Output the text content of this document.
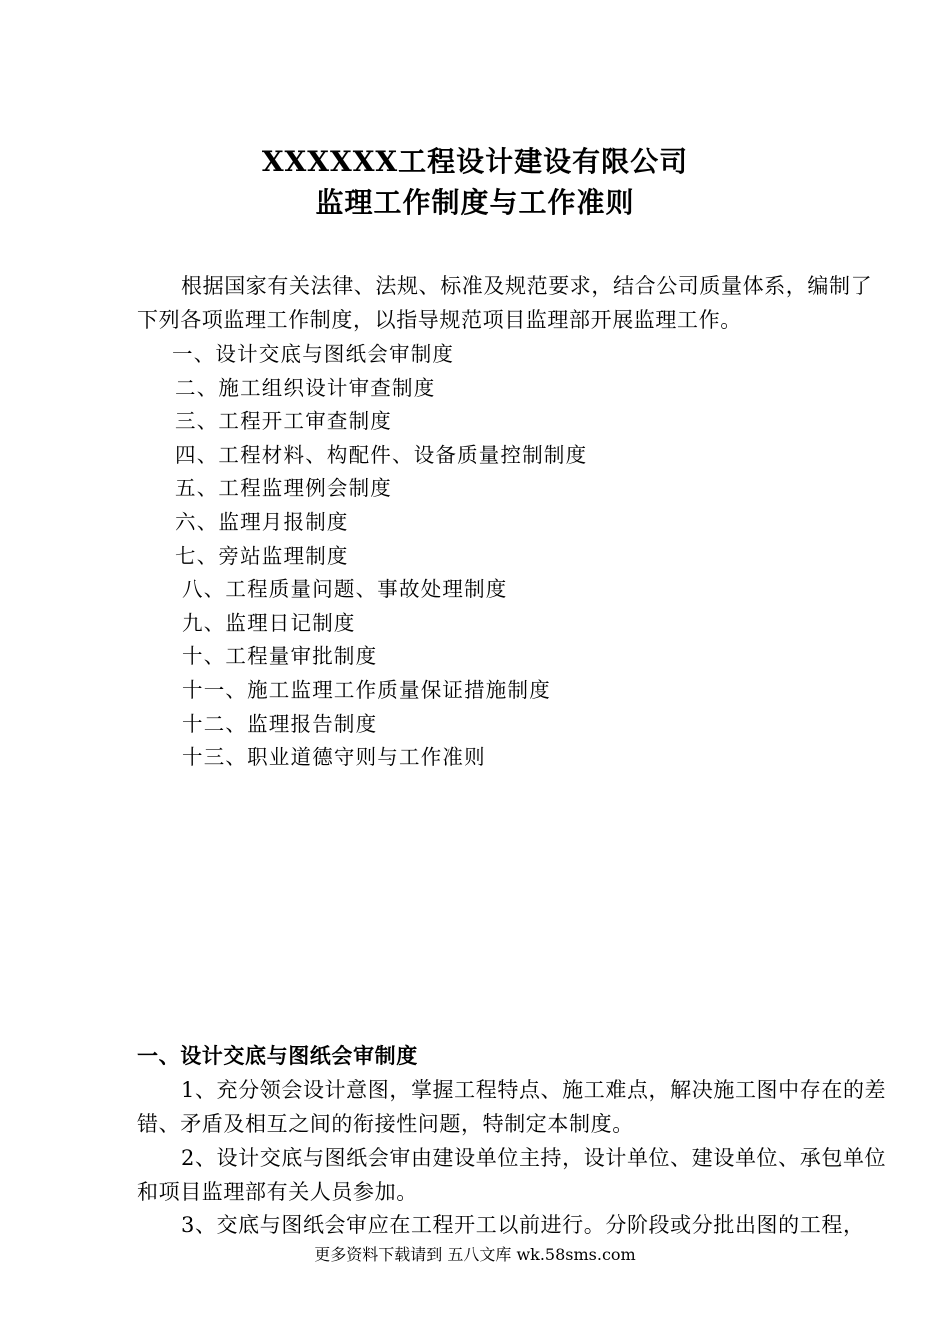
XXXXXX工程设计建设有限公司
监理工作制度与工作准则
根据国家有关法律、法规、标准及规范要求，结合公司质量体系，编制了下列各项监理工作制度，以指导规范项目监理部开展监理工作。
一、设计交底与图纸会审制度
二、施工组织设计审查制度
三、工程开工审查制度
四、工程材料、构配件、设备质量控制制度
五、工程监理例会制度
六、监理月报制度
七、旁站监理制度
八、工程质量问题、事故处理制度
九、监理日记制度
十、工程量审批制度
十一、施工监理工作质量保证措施制度
十二、监理报告制度
十三、职业道德守则与工作准则
一、设计交底与图纸会审制度
1、充分领会设计意图，掌握工程特点、施工难点，解决施工图中存在的差错、矛盾及相互之间的衔接性问题，特制定本制度。
2、设计交底与图纸会审由建设单位主持，设计单位、建设单位、承包单位和项目监理部有关人员参加。
3、交底与图纸会审应在工程开工以前进行。分阶段或分批出图的工程，
更多资料下载请到 五八文库 wk.58sms.com
